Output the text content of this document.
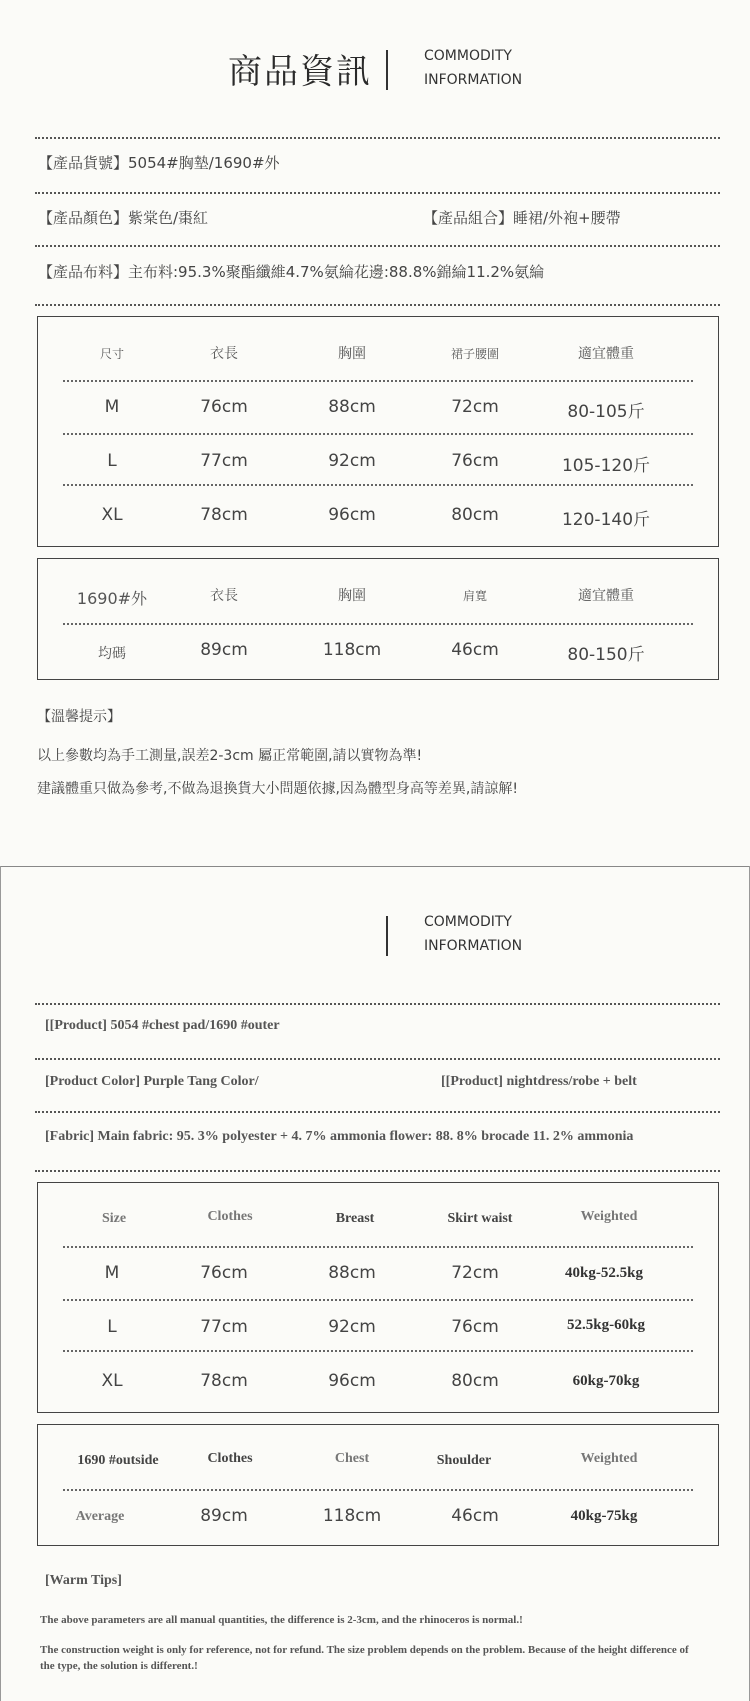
商品資訊	COMMODITY
INFORMATION
【產品貨號】5054#胸墊/1690#外
【產品顏色】紫棠色/棗紅	【產品組合】睡裙/外袍+腰帶
【產品布料】主布料:95.3%聚酯纖維4.7%氨綸花邊:88.8%錦綸11.2%氨綸
尺寸	衣長	胸圍	裙子腰圍	適宜體重
M	76cm	88cm	72cm	80-105斤
L	77cm	92cm	76cm	105-120斤
XL	78cm	96cm	80cm	120-140斤
1690#外	衣長	胸圍	肩寬	適宜體重
均碼	89cm	118cm	46cm	80-150斤
【溫馨提示】
以上參數均為手工測量,誤差2-3cm 屬正常範圍,請以實物為準!
建議體重只做為參考,不做為退換貨大小問題依據,因為體型身高等差異,請諒解!
COMMODITY
INFORMATION
[[Product] 5054 #chest pad/1690 #outer
[Product Color] Purple Tang Color/	[[Product] nightdress/robe + belt
[Fabric] Main fabric: 95. 3% polyester + 4. 7% ammonia flower: 88. 8% brocade 11. 2% ammonia
Size	Clothes	Breast	Skirt waist	Weighted
M	76cm	88cm	72cm	40kg-52.5kg
L	77cm	92cm	76cm	52.5kg-60kg
XL	78cm	96cm	80cm	60kg-70kg
1690 #outside	Clothes	Chest	Shoulder	Weighted
Average	89cm	118cm	46cm	40kg-75kg
[Warm Tips]
The above parameters are all manual quantities, the difference is 2-3cm, and the rhinoceros is normal.!
The construction weight is only for reference, not for refund. The size problem depends on the problem. Because of the height difference of the type, the solution is different.!
